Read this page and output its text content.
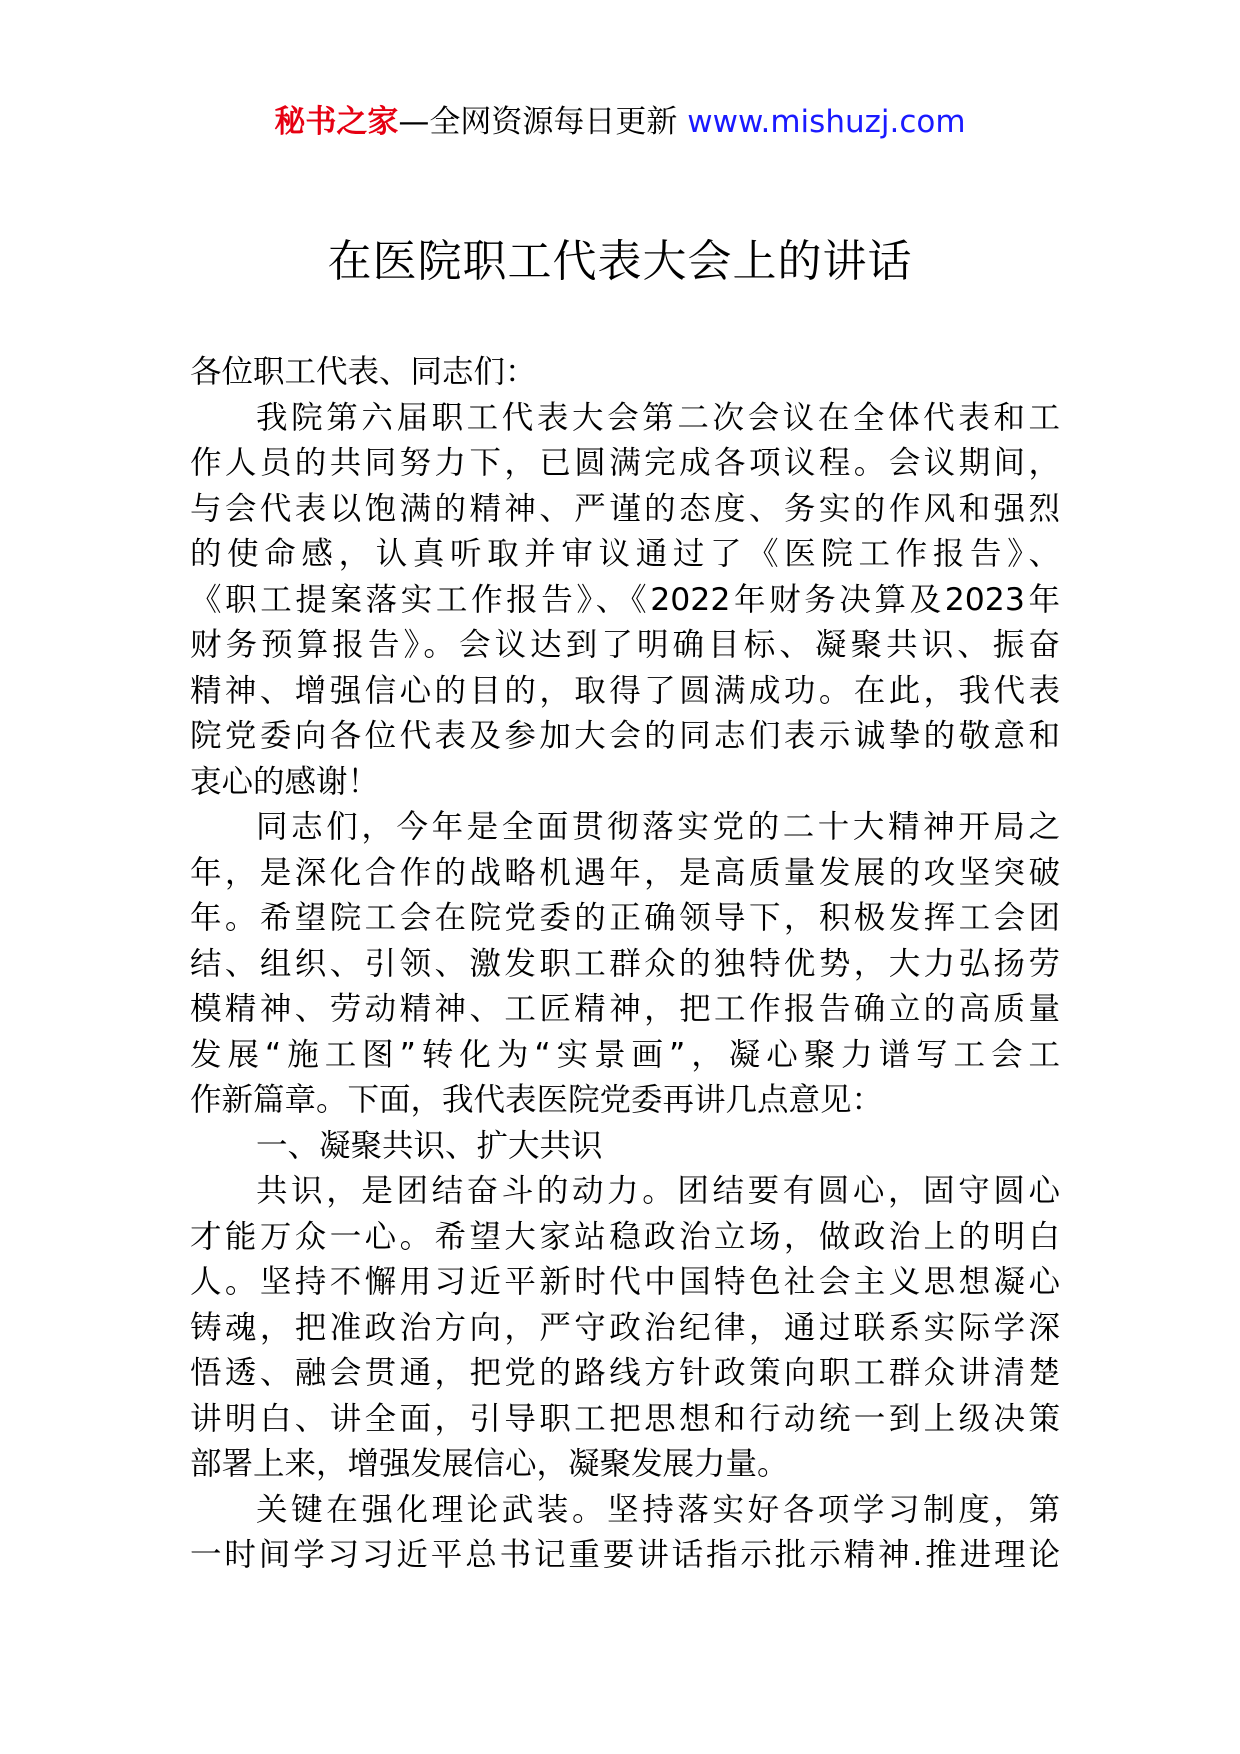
秘书之家—全网资源每日更新 www.mishuzj.com
在医院职工代表大会上的讲话
各位职工代表、同志们：
我院第六届职工代表大会第二次会议在全体代表和工
作人员的共同努力下，已圆满完成各项议程。会议期间，
与会代表以饱满的精神、严谨的态度、务实的作风和强烈
的使命感，认真听取并审议通过了《医院工作报告》、
《职工提案落实工作报告》、《2022年财务决算及2023年
财务预算报告》。会议达到了明确目标、凝聚共识、振奋
精神、增强信心的目的，取得了圆满成功。在此，我代表
院党委向各位代表及参加大会的同志们表示诚挚的敬意和
衷心的感谢！
同志们，今年是全面贯彻落实党的二十大精神开局之
年，是深化合作的战略机遇年，是高质量发展的攻坚突破
年。希望院工会在院党委的正确领导下，积极发挥工会团
结、组织、引领、激发职工群众的独特优势，大力弘扬劳
模精神、劳动精神、工匠精神，把工作报告确立的高质量
发展“施工图”转化为“实景画”，凝心聚力谱写工会工
作新篇章。下面，我代表医院党委再讲几点意见：
一、凝聚共识、扩大共识
共识，是团结奋斗的动力。团结要有圆心，固守圆心
才能万众一心。希望大家站稳政治立场，做政治上的明白
人。坚持不懈用习近平新时代中国特色社会主义思想凝心
铸魂，把准政治方向，严守政治纪律，通过联系实际学深
悟透、融会贯通，把党的路线方针政策向职工群众讲清楚
讲明白、讲全面，引导职工把思想和行动统一到上级决策
部署上来，增强发展信心，凝聚发展力量。
关键在强化理论武装。坚持落实好各项学习制度，第
一时间学习习近平总书记重要讲话指示批示精神.推进理论
